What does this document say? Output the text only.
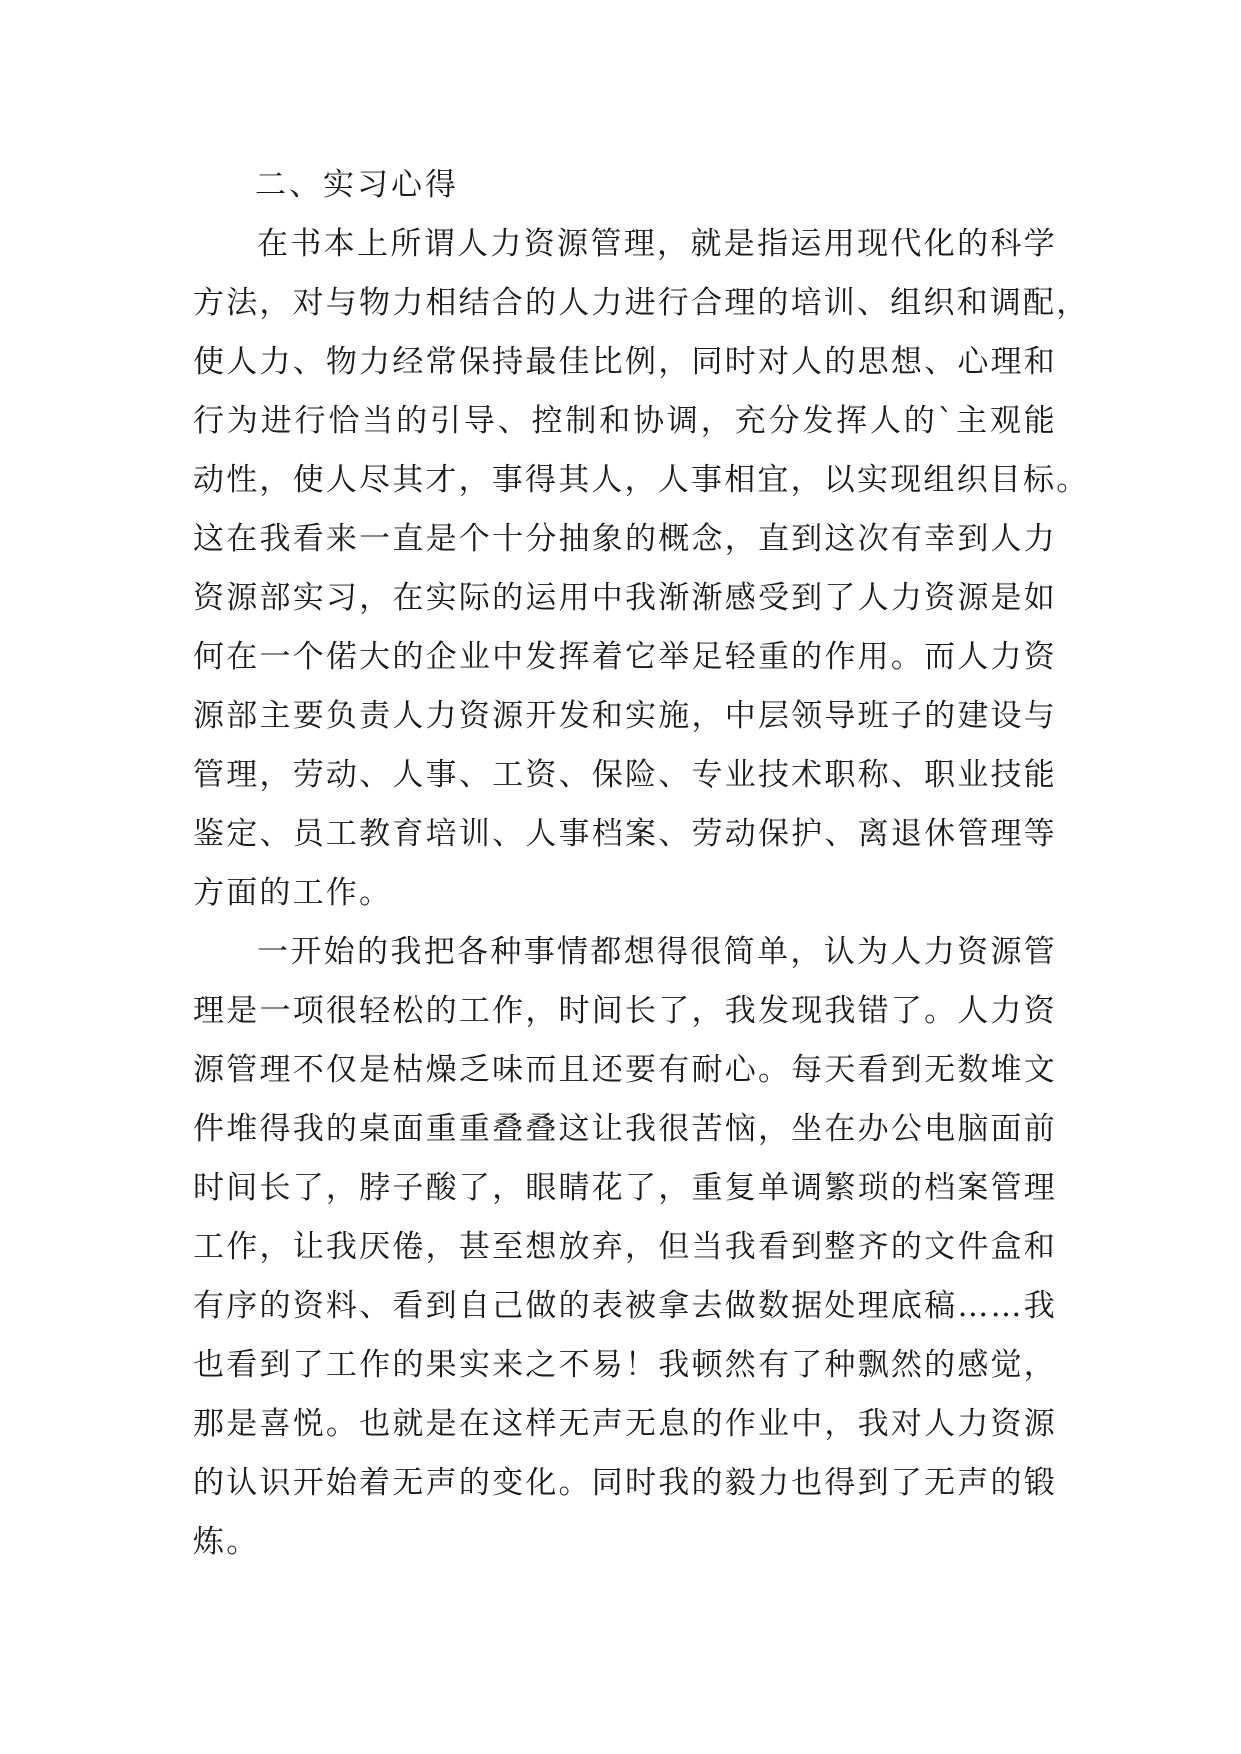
二、实习心得
在书本上所谓人力资源管理，就是指运用现代化的科学
方法，对与物力相结合的人力进行合理的培训、组织和调配，
使人力、物力经常保持最佳比例，同时对人的思想、心理和
行为进行恰当的引导、控制和协调，充分发挥人的`主观能
动性，使人尽其才，事得其人，人事相宜，以实现组织目标。
这在我看来一直是个十分抽象的概念，直到这次有幸到人力
资源部实习，在实际的运用中我渐渐感受到了人力资源是如
何在一个偌大的企业中发挥着它举足轻重的作用。而人力资
源部主要负责人力资源开发和实施，中层领导班子的建设与
管理，劳动、人事、工资、保险、专业技术职称、职业技能
鉴定、员工教育培训、人事档案、劳动保护、离退休管理等
方面的工作。
一开始的我把各种事情都想得很简单，认为人力资源管
理是一项很轻松的工作，时间长了，我发现我错了。人力资
源管理不仅是枯燥乏味而且还要有耐心。每天看到无数堆文
件堆得我的桌面重重叠叠这让我很苦恼，坐在办公电脑面前
时间长了，脖子酸了，眼睛花了，重复单调繁琐的档案管理
工作，让我厌倦，甚至想放弃，但当我看到整齐的文件盒和
有序的资料、看到自己做的表被拿去做数据处理底稿……我
也看到了工作的果实来之不易！我顿然有了种飘然的感觉，
那是喜悦。也就是在这样无声无息的作业中，我对人力资源
的认识开始着无声的变化。同时我的毅力也得到了无声的锻
炼。
